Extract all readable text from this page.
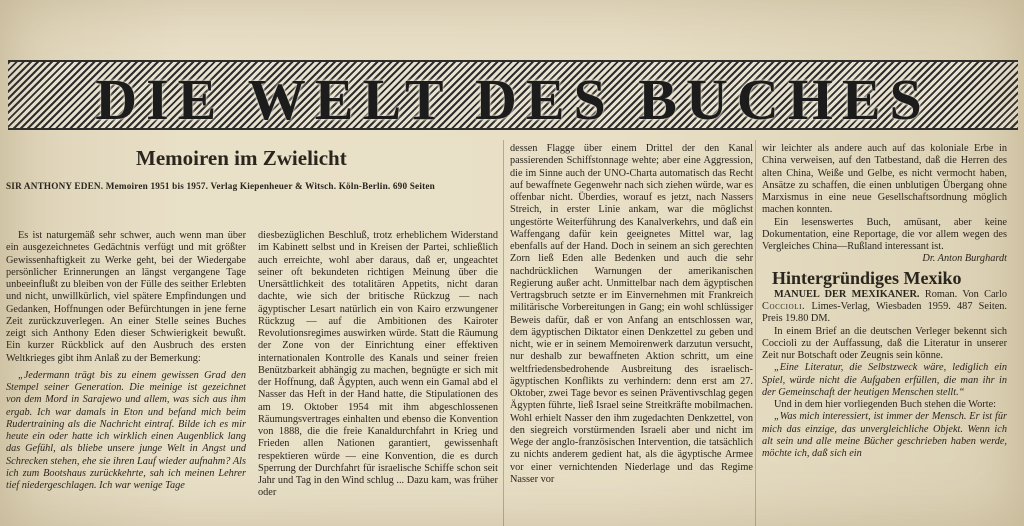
DIE WELT DES BUCHES
Memoiren im Zwielicht
SIR ANTHONY EDEN. Memoiren 1951 bis 1957. Verlag Kiepenheuer & Witsch. Köln-Berlin. 690 Seiten

Es ist naturgemäß sehr schwer, auch wenn man über ein ausgezeichnetes Gedächtnis verfügt und mit größter Gewissenhaftigkeit zu Werke geht, bei der Wiedergabe persönlicher Erinnerungen an längst vergangene Tage unbeeinflußt zu bleiben von der Fülle des seither Erlebten und nicht, unwillkürlich, viel spätere Empfindungen und Gedanken, Hoffnungen oder Befürchtungen in jene ferne Zeit zurückzuverlegen. An einer Stelle seines Buches zeigt sich Anthony Eden dieser Schwierigkeit bewußt. Ein kurzer Rückblick auf den Ausbruch des ersten Weltkrieges gibt ihm Anlaß zu der Bemerkung:

„Jedermann trägt bis zu einem gewissen Grad den Stempel seiner Generation. Die meinige ist gezeichnet von dem Mord in Sarajewo und allem, was sich aus ihm ergab. Ich war damals in Eton und befand mich beim Rudertraining als die Nachricht eintraf. Bilde ich es mir heute ein oder hatte ich wirklich einen Augenblick lang das Gefühl, als bliebe unsere junge Welt in Angst und Schrecken stehen, ehe sie ihren Lauf wieder aufnahm? Als ich zum Bootshaus zurückkehrte, sah ich meinen Lehrer tief niedergeschlagen. Ich war wenige Tage

diesbezüglichen Beschluß, trotz erheblichem Widerstand im Kabinett selbst und in Kreisen der Partei, schließlich auch erreichte, wohl aber daraus, daß er, ungeachtet seiner oft bekundeten richtigen Meinung über die Unersättlichkeit des totalitären Appetits, nicht daran dachte, wie sich der britische Rückzug — nach ägyptischer Lesart natürlich ein von Kairo erzwungener Rückzug — auf die Ambitionen des Kairoter Revolutionsregimes auswirken würde. Statt die Räumung der Zone von der Einrichtung einer effektiven internationalen Kontrolle des Kanals und seiner freien Benützbarkeit abhängig zu machen, begnügte er sich mit der Hoffnung, daß Ägypten, auch wenn ein Gamal abd el Nasser das Heft in der Hand hatte, die Stipulationen des am 19. Oktober 1954 mit ihm abgeschlossenen Räumungsvertrages einhalten und ebenso die Konvention von 1888, die die freie Kanaldurchfahrt in Krieg und Frieden allen Nationen garantiert, gewissenhaft respektieren würde — eine Konvention, die es durch Sperrung der Durchfahrt für israelische Schiffe schon seit Jahr und Tag in den Wind schlug ... Dazu kam, was früher oder

dessen Flagge über einem Drittel der den Kanal passierenden Schiffstonnage wehte; aber eine Aggression, die im Sinne auch der UNO-Charta automatisch das Recht auf bewaffnete Gegenwehr nach sich ziehen würde, war es offenbar nicht. Überdies, worauf es jetzt, nach Nassers Streich, in erster Linie ankam, war die möglichst ungestörte Weiterführung des Kanalverkehrs, und daß ein Waffengang dafür kein geeignetes Mittel war, lag ebenfalls auf der Hand. Doch in seinem an sich gerechten Zorn ließ Eden alle Bedenken und auch die sehr nachdrücklichen Warnungen der amerikanischen Regierung außer acht. Unmittelbar nach dem ägyptischen Vertragsbruch setzte er im Einvernehmen mit Frankreich militärische Vorbereitungen in Gang; ein wohl schlüssiger Beweis dafür, daß er von Anfang an entschlossen war, dem ägyptischen Diktator einen Denkzettel zu geben und nicht, wie er in seinem Memoirenwerk darzutun versucht, nur deshalb zur bewaffneten Aktion schritt, um eine weltfriedensbedrohende Ausbreitung des israelisch-ägyptischen Konflikts zu verhindern: denn erst am 27. Oktober, zwei Tage bevor es seinen Präventivschlag gegen Ägypten führte, ließ Israel seine Streitkräfte mobilmachen. Wohl erhielt Nasser den ihm zugedachten Denkzettel, von den siegreich vorstürmenden Israeli aber und nicht im Wege der anglo-französischen Intervention, die tatsächlich zu nichts anderem gedient hat, als die ägyptische Armee vor einer vernichtenden Niederlage und das Regime Nasser vor

wir leichter als andere auch auf das koloniale Erbe in China verweisen, auf den Tatbestand, daß die Herren des alten China, Weiße und Gelbe, es nicht vermocht haben, Ansätze zu schaffen, die einen unblutigen Übergang ohne Marxismus in eine neue Gesellschaftsordnung möglich machen konnten.

Ein lesenswertes Buch, amüsant, aber keine Dokumentation, eine Reportage, die vor allem wegen des Vergleiches China—Rußland interessant ist.

Dr. Anton Burghardt

Hintergründiges Mexiko

MANUEL DER MEXIKANER. Roman. Von Carlo Coccioli. Limes-Verlag, Wiesbaden 1959. 487 Seiten. Preis 19.80 DM.

In einem Brief an die deutschen Verleger bekennt sich Coccioli zu der Auffassung, daß die Literatur in unserer Zeit nur Botschaft oder Zeugnis sein könne.

„Eine Literatur, die Selbstzweck wäre, lediglich ein Spiel, würde nicht die Aufgaben erfüllen, die man ihr in der Gemeinschaft der heutigen Menschen stellt.“

Und in dem hier vorliegenden Buch stehen die Worte:

„Was mich interessiert, ist immer der Mensch. Er ist für mich das einzige, das unvergleichliche Objekt. Wenn ich alt sein und alle meine Bücher geschrieben haben werde, möchte ich, daß sich ein
